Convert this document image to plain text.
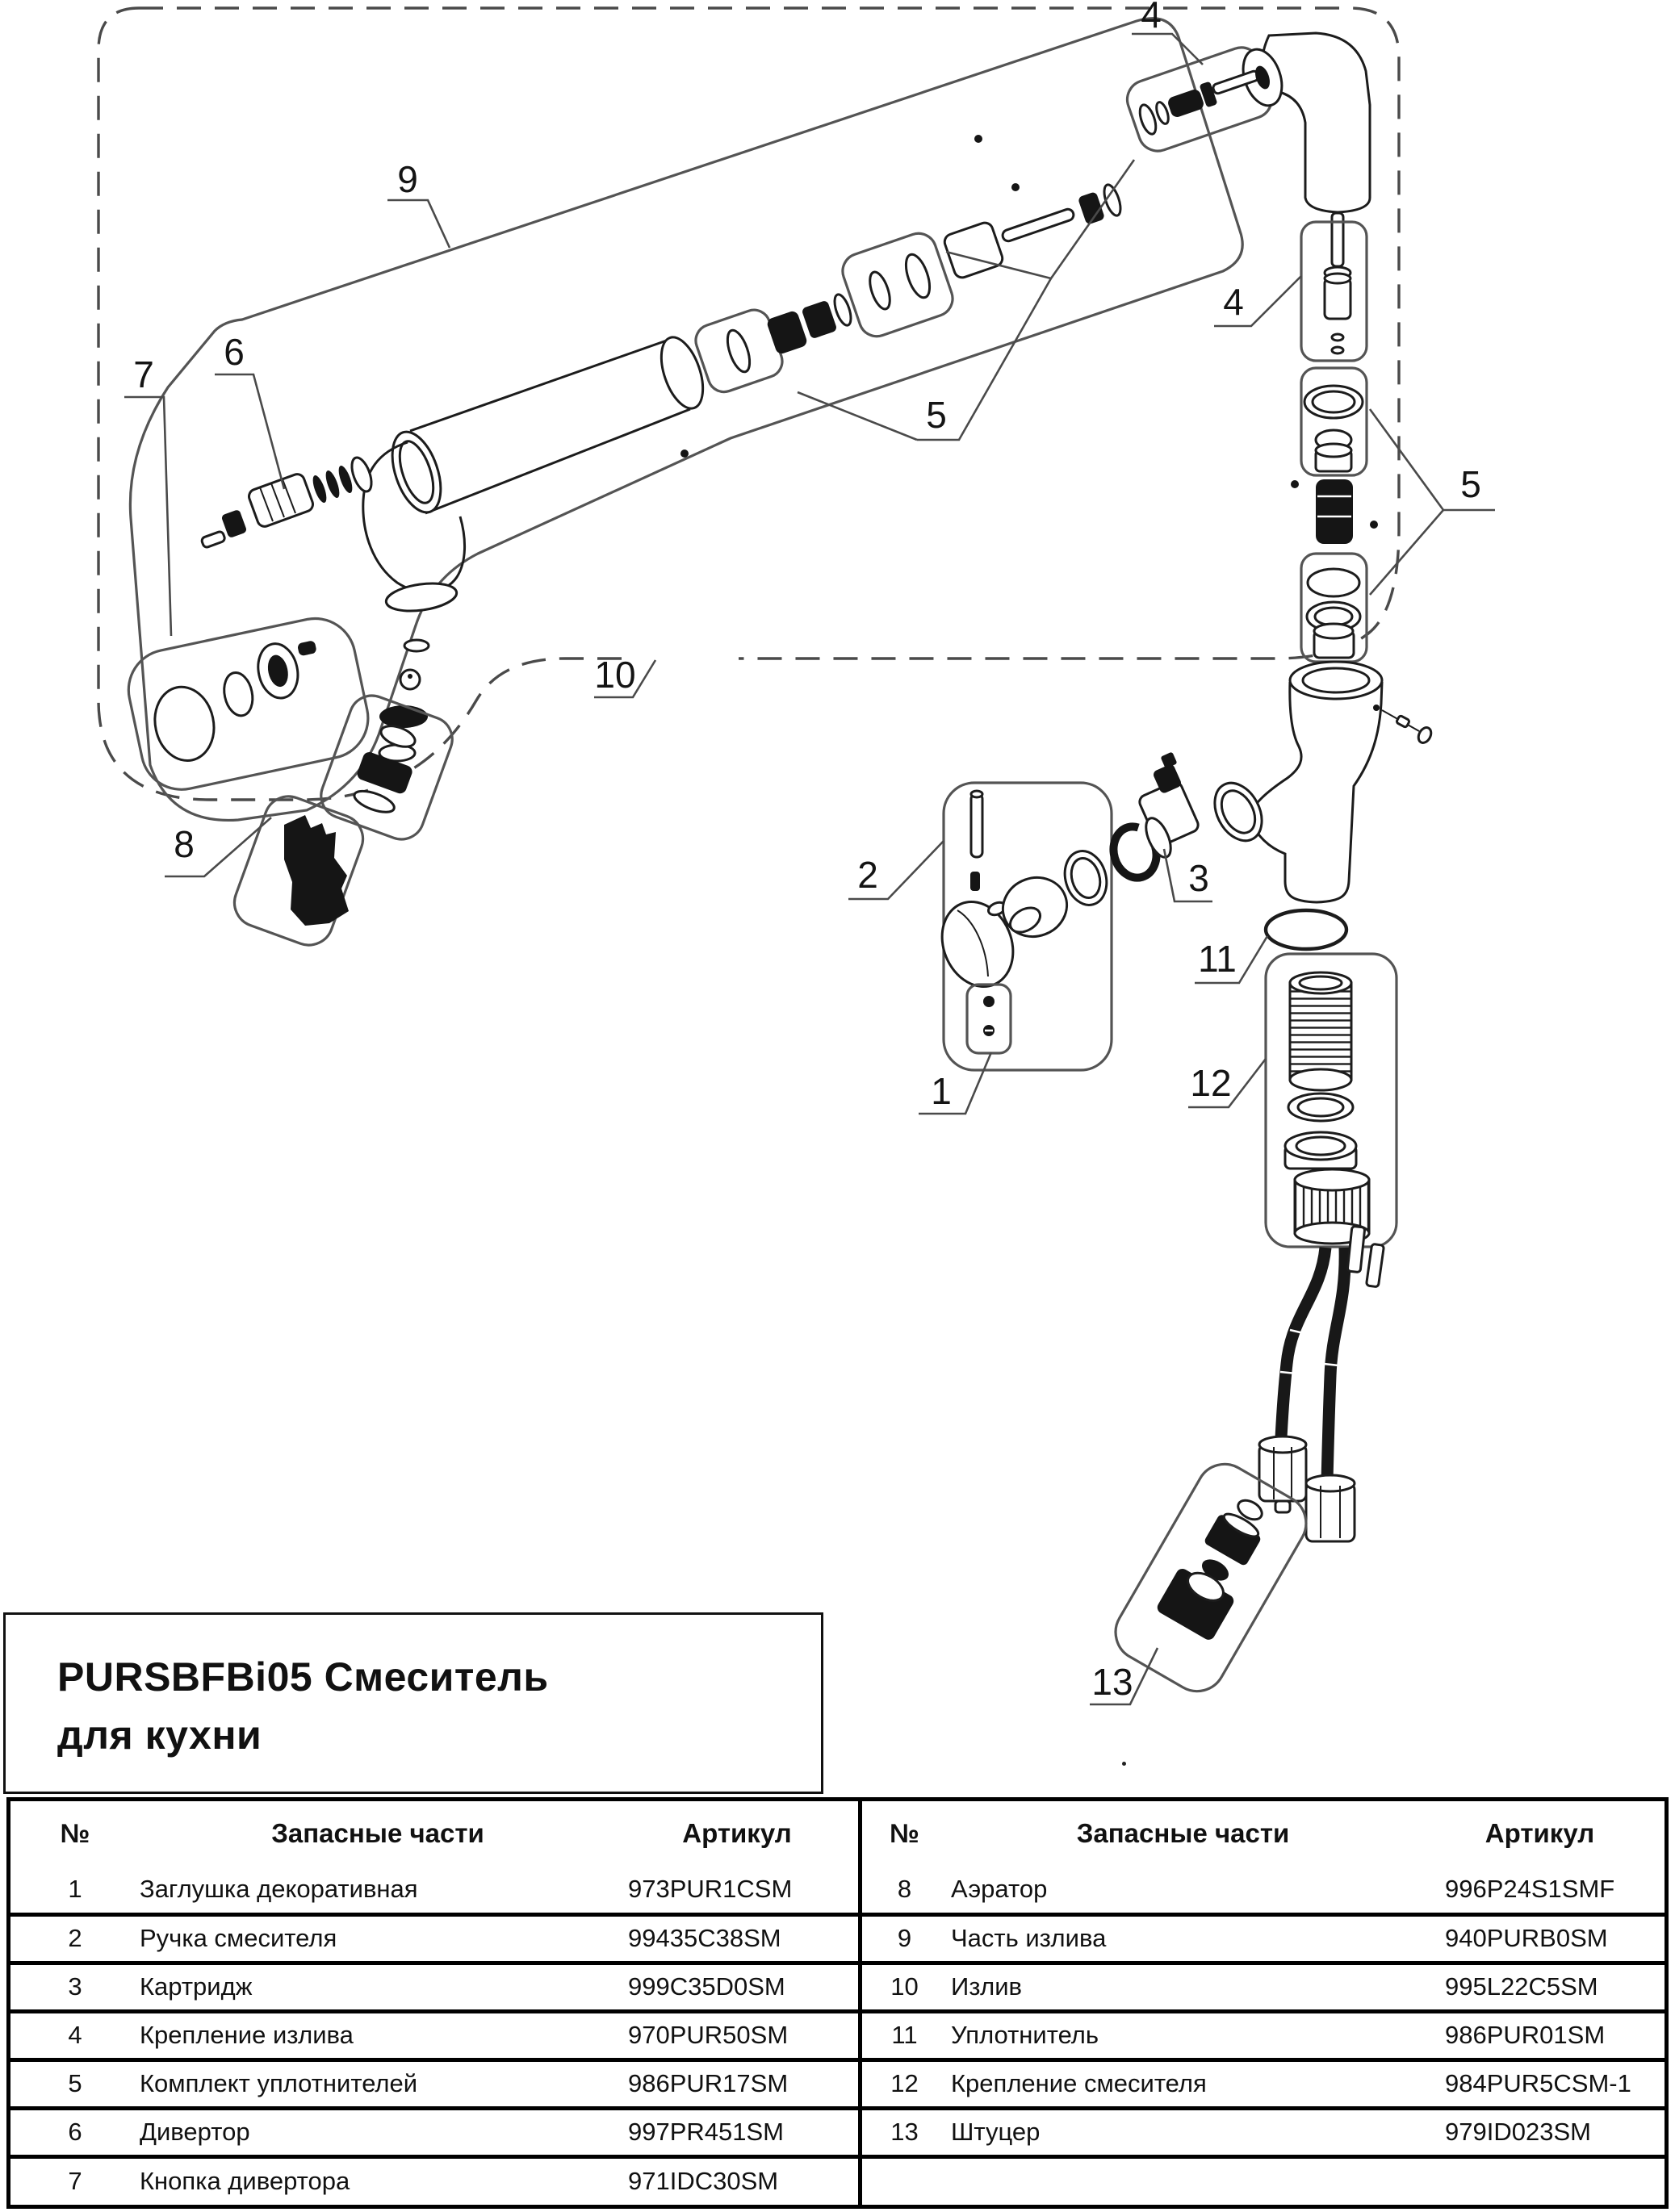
4
9
6
7
5
4
5
10
8
2	3
11
12
1
13
PURSBFBi05 Смеситель
для кухни
№	Запасные части	Артикул
1	Заглушка декоративная	973PUR1CSM
2	Ручка смесителя	99435C38SM
3	Картридж	999C35D0SM
4	Крепление излива	970PUR50SM
5	Комплект уплотнителей	986PUR17SM
6	Дивертор	997PR451SM
7	Кнопка дивертора	971IDC30SM
№	Запасные части	Артикул
8	Аэратор	996P24S1SMF
9	Часть излива	940PURB0SM
10	Излив	995L22C5SM
11	Уплотнитель	986PUR01SM
12	Крепление смесителя	984PUR5CSM-1
13	Штуцер	979ID023SM
